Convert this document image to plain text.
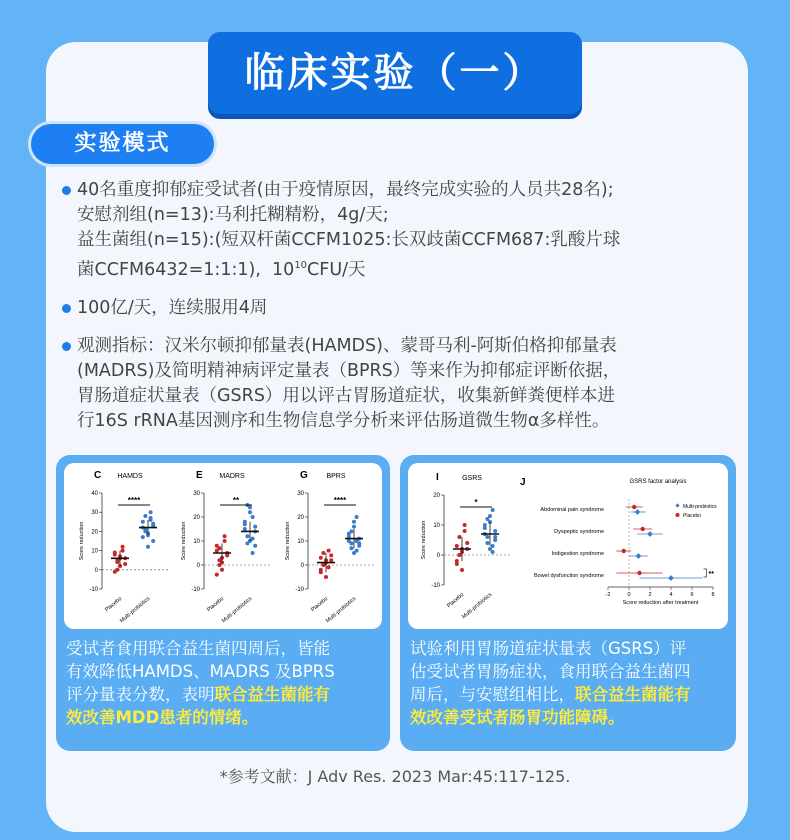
临床实验（一）
实验模式
40名重度抑郁症受试者(由于疫情原因，最终完成实验的人员共28名);
安慰剂组(n=13):马利托糊精粉，4g/天;
益生菌组(n=15):(短双杆菌CCFM1025:长双歧菌CCFM687:乳酸片球
菌CCFM6432=1:1:1), $10^{10}CFU/$天
100亿/天，连续服用4周
观测指标：汉米尔顿抑郁量表(HAMDS)、蒙哥马利-阿斯伯格抑郁量表
(MADRS)及简明精神病评定量表（BPRS）等来作为抑郁症评断依据，
胃肠道症状量表（GSRS）用以评古胃肠道症状，收集新鲜粪便样本进
行16S rRNA基因测序和生物信息学分析来评估肠道微生物α多样性。
C HAMDS
40
30
20
10
0
-10
Score reduction
****
Placebo
Multi-probiotics
E MADRS
30
20
10
0
-10
Score reduction
**
Placebo
Multi-probiotics
G	BPRS
30
20
10
0
-10
Score reduction
****
Placebo
Multi-probiotics
受试者食用联合益生菌四周后，皆能
有效降低HAMDS、MADRS 及BPRS
评分量表分数，表明联合益生菌能有
效改善MDD患者的情绪。
I	GSRS
20
10
0
-10
Score reduction
*
Placebo
Multi-probiotics
J	GSRS factor analysis
-2	0	2	4	6	8
Score reduction after treatment
Abdominal pain syndrome
Dyspeptic syndrome
Indigestion syndrome
Bowel dysfunction syndrome	**
Multi-probiotics
Placebo
试验利用胃肠道症状量表（GSRS）评
估受试者胃肠症状，食用联合益生菌四
周后，与安慰组相比，联合益生菌能有
效改善受试者肠胃功能障碍。
*参考文献：J Adv Res. 2023 Mar:45:117-125.
